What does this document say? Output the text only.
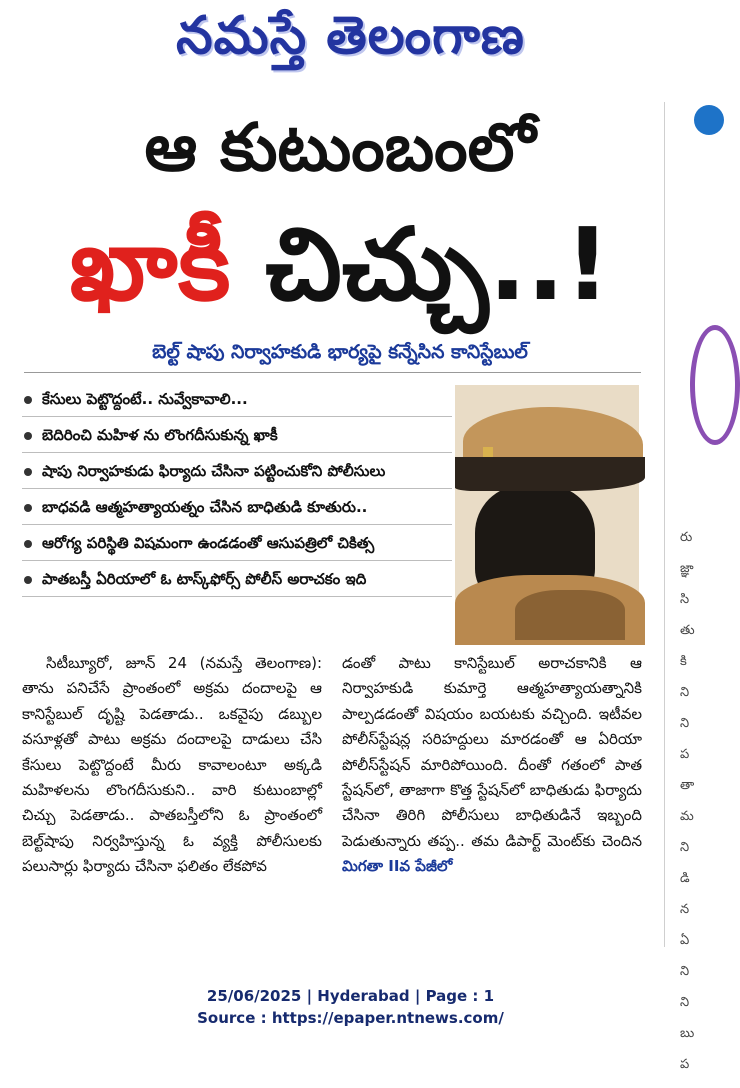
నమస్తే తెలంగాణ
రు
జ్ఞా
సి
తు
కి
ని
ని
ప
తా
మ
ని
డి
న
ఏ
ని
ని
బు
ప
ఆ కుటుంబంలో
ఖాకీ చిచ్చు..!
బెల్ట్ షాపు నిర్వాహకుడి భార్యపై కన్నేసిన కానిస్టేబుల్
కేసులు పెట్టొద్దంటే.. నువ్వేకావాలి...
బెదిరించి మహిళ ను లొంగదీసుకున్న ఖాకీ
షాపు నిర్వాహకుడు ఫిర్యాదు చేసినా పట్టించుకోని పోలీసులు
బాధవడి ఆత్మహత్యాయత్నం చేసిన బాధితుడి కూతురు..
ఆరోగ్య పరిస్థితి విషమంగా ఉండడంతో ఆసుపత్రిలో చికిత్స
పాతబస్తీ ఏరియాలో ఓ టాస్క్‌ఫోర్స్ పోలీస్ అరాచకం ఇది
సిటీబ్యూరో, జూన్ 24 (నమస్తే తెలంగాణ): తాను పనిచేసే ప్రాంతంలో అక్రమ దందాలపై ఆ కానిస్టేబుల్ దృష్టి పెడతాడు.. ఒకవైపు డబ్బుల వసూళ్లతో పాటు అక్రమ దందాలపై దాడులు చేసి కేసులు పెట్టొద్దంటే మీరు కావాలంటూ అక్కడి మహిళలను లొంగదీసుకుని.. వారి కుటుంబాల్లో చిచ్చు పెడతాడు.. పాతబస్తీలోని ఓ ప్రాంతంలో బెల్ట్‌షాపు నిర్వహిస్తున్న ఓ వ్యక్తి పోలీసులకు పలుసార్లు ఫిర్యాదు చేసినా ఫలితం లేకపోవ
డంతో పాటు కానిస్టేబుల్ అరాచకానికి ఆ నిర్వాహకుడి కుమార్తె ఆత్మహత్యాయత్నానికి పాల్పడడంతో విషయం బయటకు వచ్చింది. ఇటీవల పోలీస్‌స్టేషన్ల సరిహద్దులు మారడంతో ఆ ఏరియా పోలీస్‌స్టేషన్ మారిపోయింది. దీంతో గతంలో పాత స్టేషన్‌లో, తాజాగా కొత్త స్టేషన్‌లో బాధితుడు ఫిర్యాదు చేసినా తిరిగి పోలీసులు బాధితుడినే ఇబ్బంది పెడుతున్నారు తప్ప.. తమ డిపార్ట్ మెంట్‌కు చెందిన మిగతా IIవ పేజీలో
25/06/2025 | Hyderabad | Page : 1
Source : https://epaper.ntnews.com/
